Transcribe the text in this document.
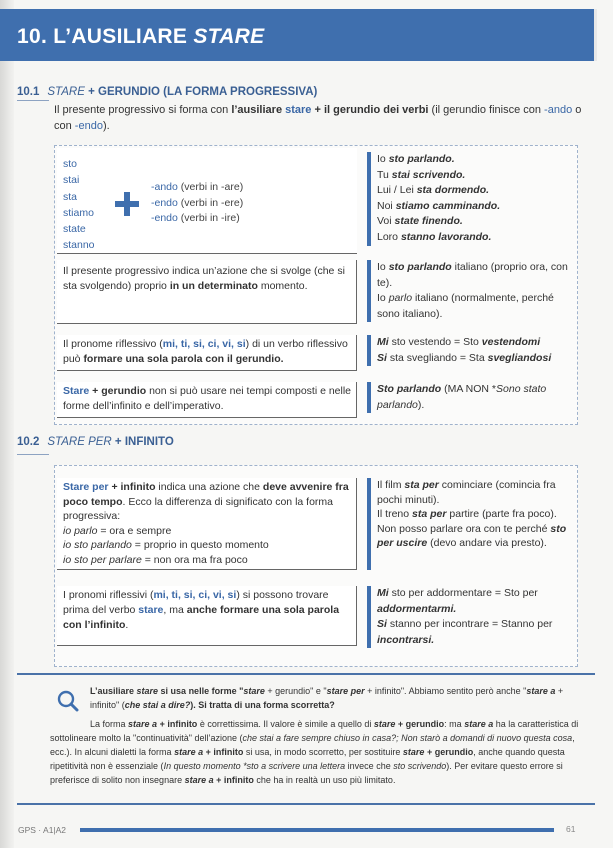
10. L’AUSILIARE STARE
10.1 STARE + GERUNDIO (LA FORMA PROGRESSIVA)
Il presente progressivo si forma con l’ausiliare stare + il gerundio dei verbi (il gerundio finisce con -ando o con -endo).
sto
stai
sta
stiamo
state
stanno
-ando (verbi in -are)
-endo (verbi in -ere)
-endo (verbi in -ire)
Io sto parlando.
Tu stai scrivendo.
Lui / Lei sta dormendo.
Noi stiamo camminando.
Voi state finendo.
Loro stanno lavorando.
Il presente progressivo indica un’azione che si svolge (che si sta svolgendo) proprio in un determinato momento.
Io sto parlando italiano (proprio ora, con te).
Io parlo italiano (normalmente, perché sono italiano).
Il pronome riflessivo (mi, ti, si, ci, vi, si) di un verbo riflessivo può formare una sola parola con il gerundio.
Mi sto vestendo = Sto vestendomi
Si sta svegliando = Sta svegliandosi
Stare + gerundio non si può usare nei tempi composti e nelle forme dell’infinito e dell’imperativo.
Sto parlando (MA NON *Sono stato parlando).
10.2 STARE PER + INFINITO
Stare per + infinito indica una azione che deve avvenire fra poco tempo. Ecco la differenza di significato con la forma progressiva:
io parlo = ora e sempre
io sto parlando = proprio in questo momento
io sto per parlare = non ora ma fra poco
Il film sta per cominciare (comincia fra pochi minuti).
Il treno sta per partire (parte fra poco).
Non posso parlare ora con te perché sto per uscire (devo andare via presto).
I pronomi riflessivi (mi, ti, si, ci, vi, si) si possono trovare prima del verbo stare, ma anche formare una sola parola con l’infinito.
Mi sto per addormentare = Sto per addormentarmi.
Si stanno per incontrare = Stanno per incontrarsi.
L’ausiliare stare si usa nelle forme "stare + gerundio" e "stare per + infinito". Abbiamo sentito però anche "stare a + infinito" (che stai a dire?). Si tratta di una forma scorretta?
La forma stare a + infinito è correttissima. Il valore è simile a quello di stare + gerundio: ma stare a ha la caratteristica di sottolineare molto la "continuatività" dell’azione (che stai a fare sempre chiuso in casa?; Non starò a domandi di nuovo questa cosa, ecc.). In alcuni dialetti la forma stare a + infinito si usa, in modo scorretto, per sostituire stare + gerundio, anche quando questa ripetitività non è essenziale (In questo momento *sto a scrivere una lettera invece che sto scrivendo). Per evitare questo errore si preferisce di solito non insegnare stare a + infinito che ha in realtà un uso più limitato.
GPS · A1|A2	61
